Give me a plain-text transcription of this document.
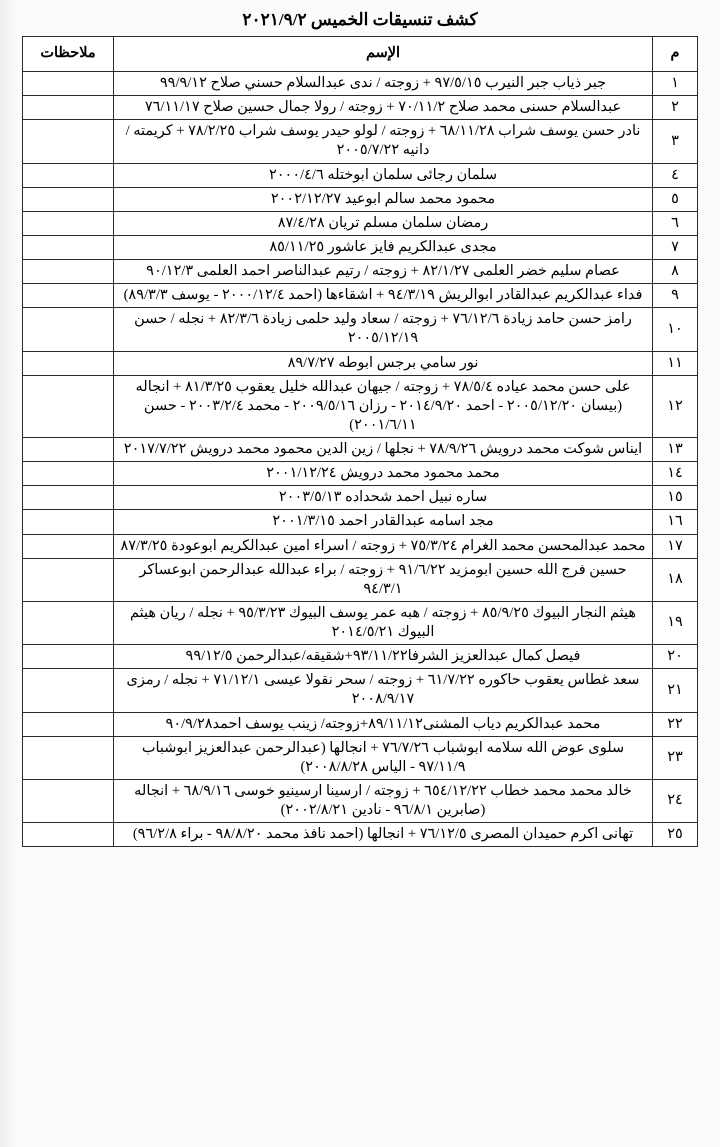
كشف تنسيقات الخميس ٢٠٢١/٩/٢
م	الإسم	ملاحظات
١	جبر ذياب جبر النيرب ٩٧/٥/١٥ + زوجته / ندى عبدالسلام حسني صلاح ٩٩/٩/١٢	
٢	عبدالسلام حسنى محمد صلاح ٧٠/١١/٢ + زوجته / رولا جمال حسين صلاح ٧٦/١١/١٧	
٣	نادر حسن يوسف شراب ٦٨/١١/٢٨ + زوجته / لولو حيدر يوسف شراب ٧٨/٢/٢٥ + كريمته / دانيه ٢٠٠٥/٧/٢٢	
٤	سلمان رجائى سلمان ابوختله ٢٠٠٠/٤/٦	
٥	محمود محمد سالم ابوعيد ٢٠٠٢/١٢/٢٧	
٦	رمضان سلمان مسلم تريان ٨٧/٤/٢٨	
٧	مجدى عبدالكريم فايز عاشور ٨٥/١١/٢٥	
٨	عصام سليم خضر العلمى ٨٢/١/٢٧ + زوجته / رتيم عبدالناصر احمد العلمى ٩٠/١٢/٣	
٩	فداء عبدالكريم عبدالقادر ابوالريش ٩٤/٣/١٩ + اشقاءها (احمد ٢٠٠٠/١٢/٤ - يوسف ٨٩/٣/٣)	
١٠	رامز حسن حامد زيادة ٧٦/١٢/٦ + زوجته / سعاد وليد حلمى زيادة ٨٢/٣/٦ + نجله / حسن ٢٠٠٥/١٢/١٩	
١١	نور سامي برجس ابوطه ٨٩/٧/٢٧	
١٢	على حسن محمد عياده ٧٨/٥/٤ + زوجته / جيهان عبدالله خليل يعقوب ٨١/٣/٢٥ + انجاله (بيسان ٢٠٠٥/١٢/٢٠ - احمد ٢٠١٤/٩/٢٠ - رزان ٢٠٠٩/٥/١٦ - محمد ٢٠٠٣/٢/٤ - حسن ٢٠٠١/٦/١١)	
١٣	ايناس شوكت محمد درويش ٧٨/٩/٢٦ + نجلها / زين الدين محمود محمد درويش ٢٠١٧/٧/٢٢	
١٤	محمد محمود محمد درويش ٢٠٠١/١٢/٢٤	
١٥	ساره نبيل احمد شحداده ٢٠٠٣/٥/١٣	
١٦	مجد اسامه عبدالقادر احمد ٢٠٠١/٣/١٥	
١٧	محمد عبدالمحسن محمد الغرام ٧٥/٣/٢٤ + زوجته / اسراء امين عبدالكريم ابوعودة ٨٧/٣/٢٥	
١٨	حسين فرج الله حسين ابومزيد ٩١/٦/٢٢ + زوجته / براء عبدالله عبدالرحمن ابوعساكر ٩٤/٣/١	
١٩	هيثم النجار البيوك ٨٥/٩/٢٥ + زوجته / هبه عمر يوسف البيوك ٩٥/٣/٢٣ + نجله / ريان هيثم البيوك ٢٠١٤/٥/٢١	
٢٠	فيصل كمال عبدالعزيز الشرفا٩٣/١١/٢٢+شقيقه/عبدالرحمن ٩٩/١٢/٥	
٢١	سعد غطاس يعقوب حاكوره ٦١/٧/٢٢ + زوجته / سحر نقولا عيسى ٧١/١٢/١ + نجله / رمزى ٢٠٠٨/٩/١٧	
٢٢	محمد عبدالكريم دياب المشنى٨٩/١١/١٢+زوجته/ زينب يوسف احمد٩٠/٩/٢٨	
٢٣	سلوى عوض الله سلامه ابوشباب ٧٦/٧/٢٦ + انجالها (عبدالرحمن عبدالعزيز ابوشباب ٩٧/١١/٩ - الياس ٢٠٠٨/٨/٢٨)	
٢٤	خالد محمد محمد خطاب ٦٥٤/١٢/٢٢ + زوجته / ارسينا ارسينيو خوسى ٦٨/٩/١٦ + انجاله (صابرين ٩٦/٨/١ - نادين ٢٠٠٢/٨/٢١)	
٢٥	تهانى اكرم حميدان المصرى ٧٦/١٢/٥ + انجالها (احمد نافذ محمد ٩٨/٨/٢٠ - براء ٩٦/٢/٨)	
